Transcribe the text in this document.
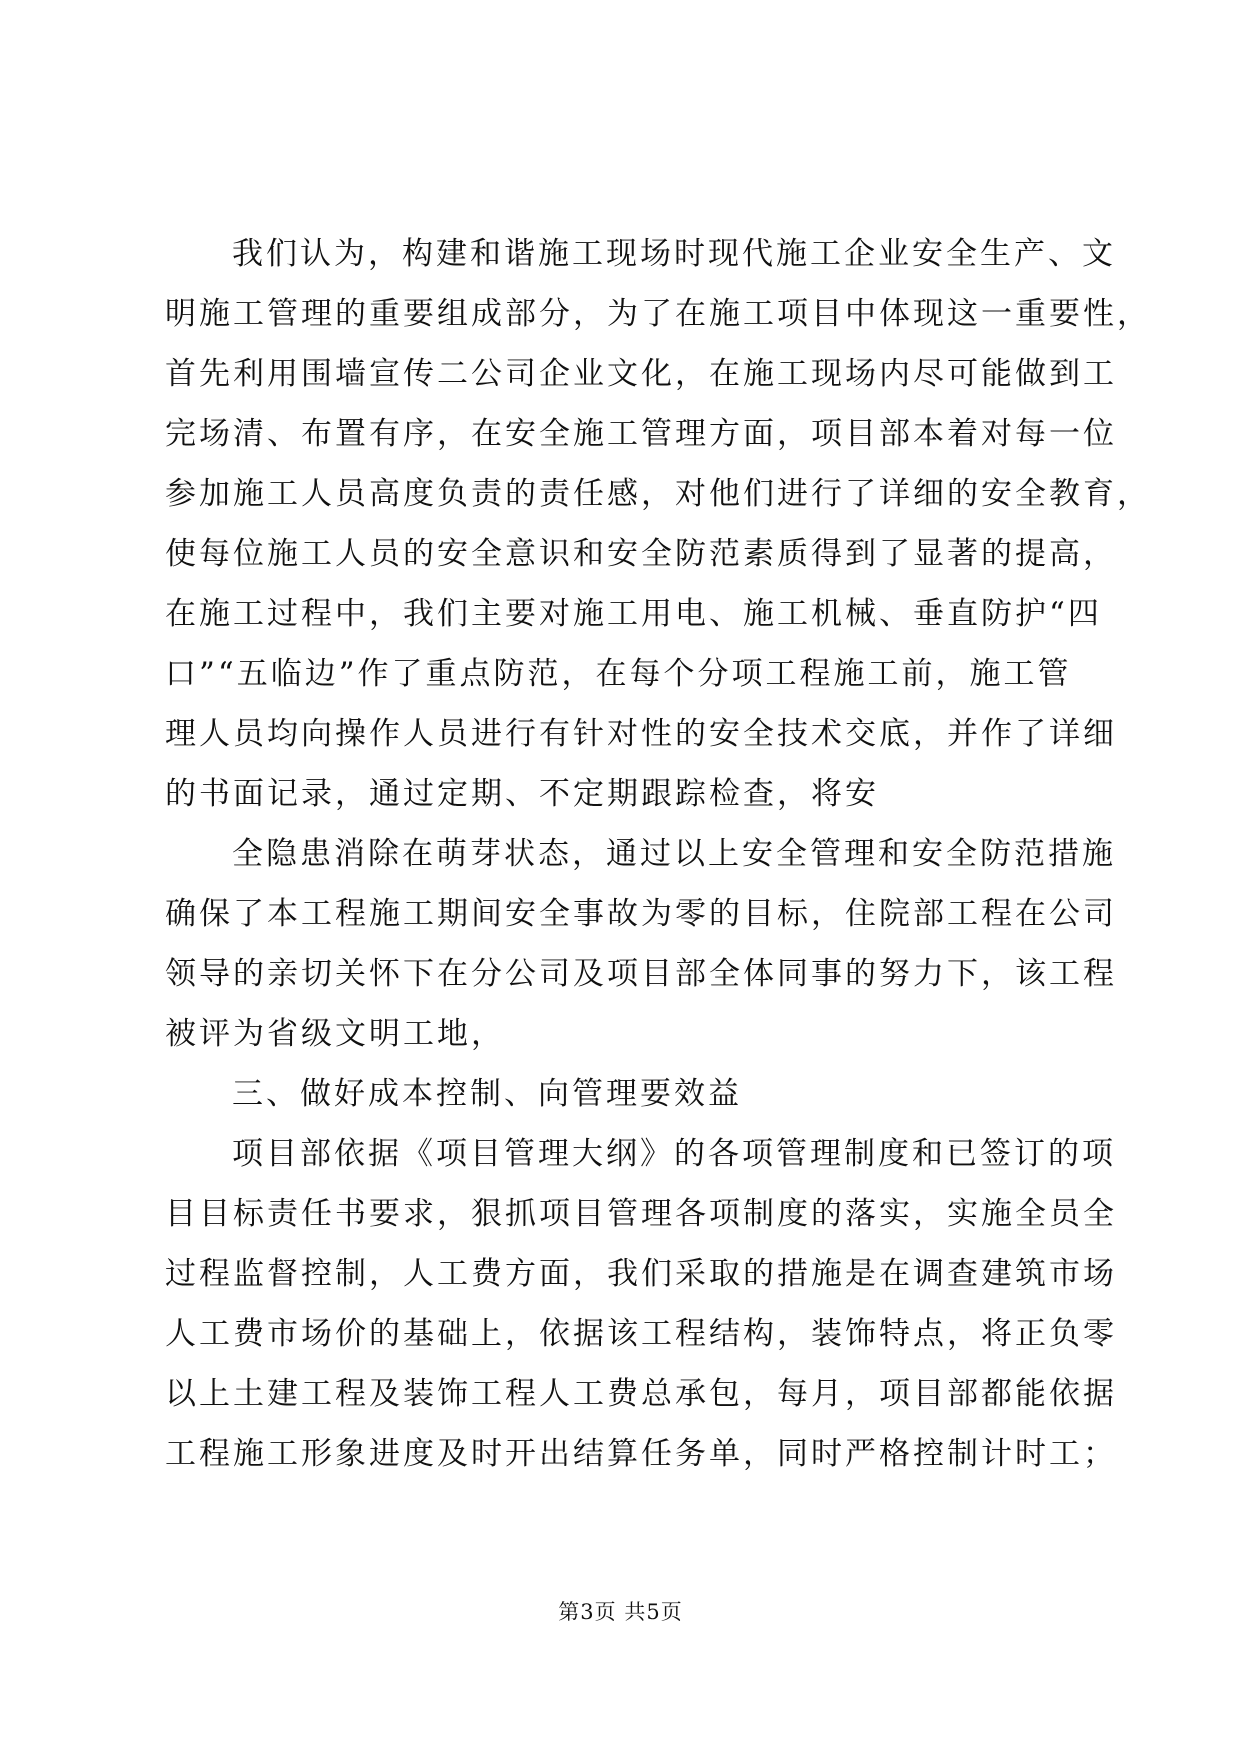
我们认为，构建和谐施工现场时现代施工企业安全生产、文
明施工管理的重要组成部分，为了在施工项目中体现这一重要性，
首先利用围墙宣传二公司企业文化，在施工现场内尽可能做到工
完场清、布置有序，在安全施工管理方面，项目部本着对每一位
参加施工人员高度负责的责任感，对他们进行了详细的安全教育，
使每位施工人员的安全意识和安全防范素质得到了显著的提高，
在施工过程中，我们主要对施工用电、施工机械、垂直防护“四
口”“五临边”作了重点防范，在每个分项工程施工前，施工管
理人员均向操作人员进行有针对性的安全技术交底，并作了详细
的书面记录，通过定期、不定期跟踪检查，将安
全隐患消除在萌芽状态，通过以上安全管理和安全防范措施
确保了本工程施工期间安全事故为零的目标，住院部工程在公司
领导的亲切关怀下在分公司及项目部全体同事的努力下，该工程
被评为省级文明工地，
三、做好成本控制、向管理要效益
项目部依据《项目管理大纲》的各项管理制度和已签订的项
目目标责任书要求，狠抓项目管理各项制度的落实，实施全员全
过程监督控制，人工费方面，我们采取的措施是在调查建筑市场
人工费市场价的基础上，依据该工程结构，装饰特点，将正负零
以上土建工程及装饰工程人工费总承包，每月，项目部都能依据
工程施工形象进度及时开出结算任务单，同时严格控制计时工；
第3页 共5页
